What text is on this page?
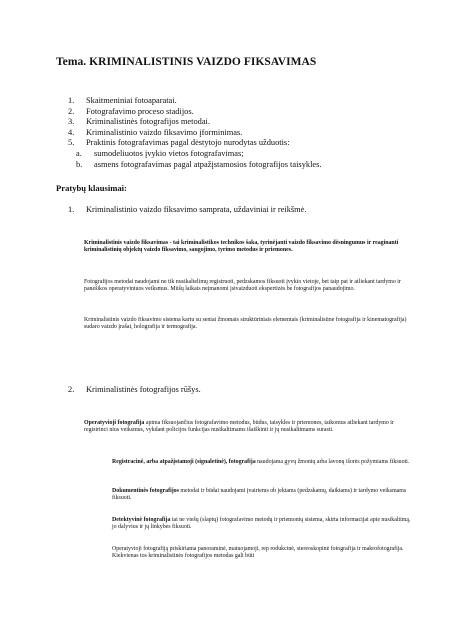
Tema. KRIMINALISTINIS VAIZDO FIKSAVIMAS
1.	Skaitmeniniai fotoaparatai.
2.	Fotografavimo proceso stadijos.
3.	Kriminalistinės fotografijos metodai.
4.	Kriminalistinio vaizdo fiksavimo įforminimas.
5.	Praktinis fotografavimas pagal dėstytojo nurodytas užduotis:
a.	sumodeliuotos įvykio vietos fotografavimas;
b.	asmens fotografavimas pagal atpažįstamosios fotografijos taisykles.
Pratybų klausimai:
1.	Kriminalistinio vaizdo fiksavimo samprata, uždaviniai ir reikšmė.
Kriminalistinis vaizdo fiksavimas - tai kriminalistikos technikos šaka, tyrinėjanti vaizdo fiksavimo dėsningumus ir reaginanti kriminalistinių objektų vaizdo fiksavimo, saugojimo, tyrimo metodus ir priemones.
Fotografijos metodai naudojami ne tik nusikaltelimų registruoti, pedzskamos fiksuoti įvykio vietoje, bet taip pat ir atliekant tardymo ir panešikos operatyviniuos veiksmus. Mūšų laikais neįmanomi įsivaizduoti ekspertizės be fotografijos panaudojimo.
Kriminalistinis vaizdo fiksavimo sistema kartu su seniai žinomais struktūriniais elementais (kriminalistine fotografija ir kinematografija) sudaro vaizdo įrašai, holografija ir termografija.
2.	Kriminalistinės fotografijos rūšys.
Operatyvioji fotografija apima fiksuojančius fotografavimo metodus, būdus, taisykles ir priemones, taikomus atliekant tardymo ir registrinci nius veiksmus, vykdant policijos funkcijas nusikaltimams išaiškinti ir jų nusikaltimams surasti.
Registracinė, arba atpažįstamoji (signaletinė), fotografija naudojama gyvų žmonių arba lavonų išorės požymiams fiksuoti.
Dokumentinės fotografijos metodai ir būdai naudojami įvairiems ob jektams (pedzskamų, daiktams) ir tardymo veiksmams fiksuoti.
Detektyvinė fotografija tai ne viešų (slaptų) fotografavimo metodų ir priemonių sistema, skirta informacijai apie nusikaltimą, jo dalyvius ir jų linkybes fiksuoti.
Operatyvioji fotografiją priskiriama panoraminė, matuojamoji, rep rodukcinė, stereoskopinė fotografija ir makrofotografija. Kiekvienas tos kriminalistinės fotografijos metodas gali būti
